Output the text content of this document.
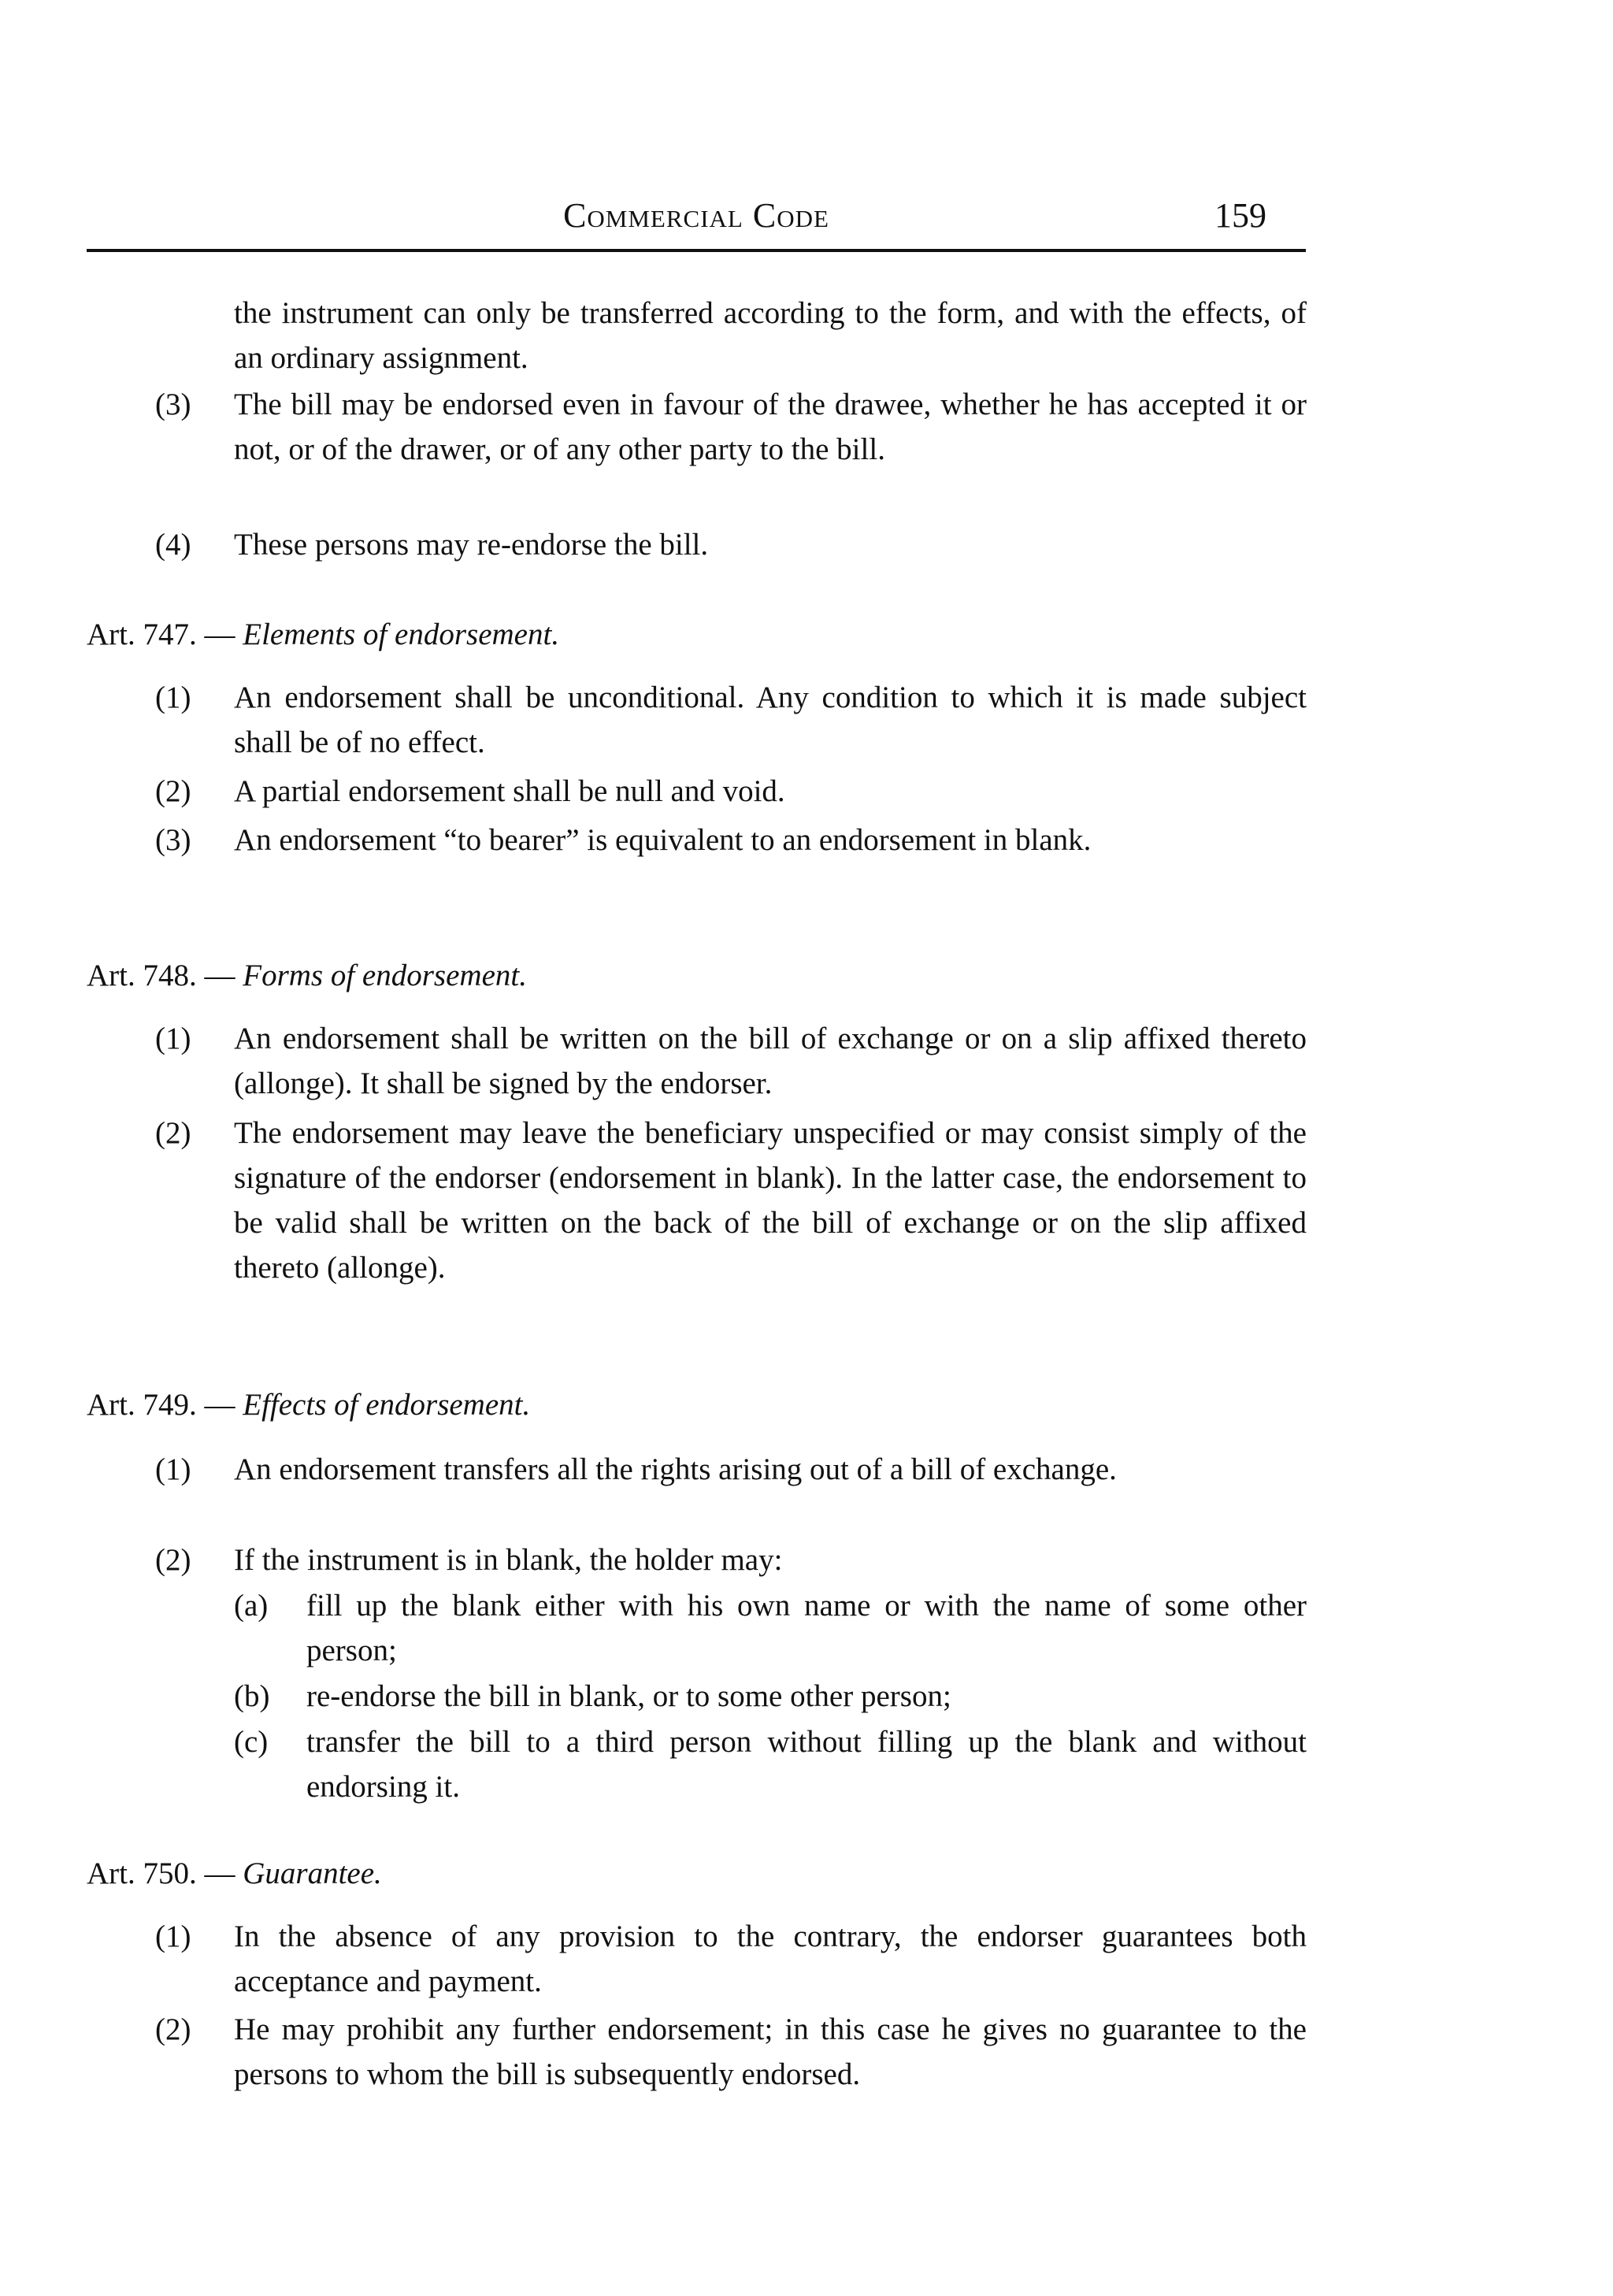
Commercial Code	159
the instrument can only be transferred according to the form, and with the effects, of an ordinary assignment.
(3)	The bill may be endorsed even in favour of the drawee, whether he has accepted it or not, or of the drawer, or of any other party to the bill.
(4)	These persons may re-endorse the bill.
Art. 747. — Elements of endorsement.
(1)	An endorsement shall be unconditional. Any condition to which it is made subject shall be of no effect.
(2)	A partial endorsement shall be null and void.
(3)	An endorsement “to bearer” is equivalent to an endorsement in blank.
Art. 748. — Forms of endorsement.
(1)	An endorsement shall be written on the bill of exchange or on a slip affixed thereto (allonge). It shall be signed by the endorser.
(2)	The endorsement may leave the beneficiary unspecified or may consist simply of the signature of the endorser (endorsement in blank). In the latter case, the endorsement to be valid shall be written on the back of the bill of exchange or on the slip affixed thereto (allonge).
Art. 749. — Effects of endorsement.
(1)	An endorsement transfers all the rights arising out of a bill of exchange.
(2)	If the instrument is in blank, the holder may:
(a)	fill up the blank either with his own name or with the name of some other person;
(b)	re-endorse the bill in blank, or to some other person;
(c)	transfer the bill to a third person without filling up the blank and without endorsing it.
Art. 750. — Guarantee.
(1)	In the absence of any provision to the contrary, the endorser guarantees both acceptance and payment.
(2)	He may prohibit any further endorsement; in this case he gives no guarantee to the persons to whom the bill is subsequently endorsed.
